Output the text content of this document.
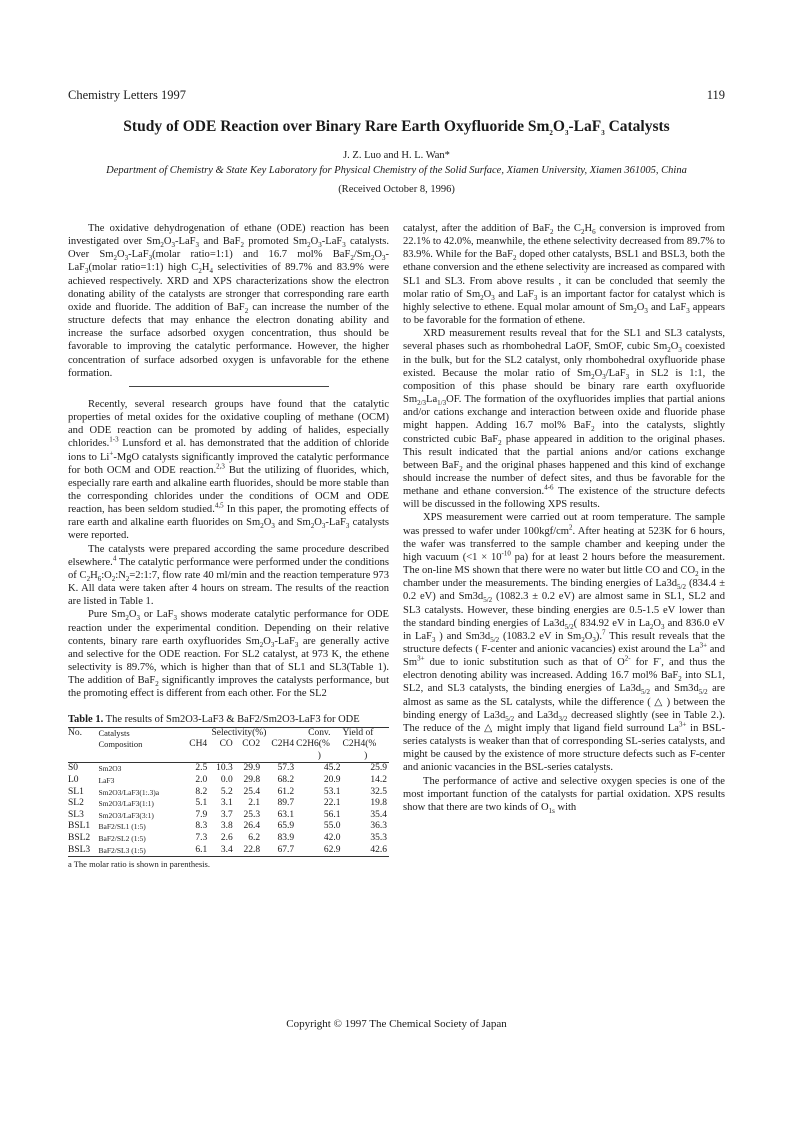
Chemistry Letters 1997	119
Study of ODE Reaction over Binary Rare Earth Oxyfluoride $Sm_2O_3-LaF_3$ Catalysts
J. Z. Luo and H. L. Wan*
Department of Chemistry & State Key Laboratory for Physical Chemistry of the Solid Surface, Xiamen University, Xiamen 361005, China
(Received October 8, 1996)

The oxidative dehydrogenation of ethane (ODE) reaction has been investigated over $Sm_2O_3-LaF_3$ and BaF$_2$ promoted $Sm_2O_3-LaF_3$ catalysts. Over $Sm_2O_3-LaF_3(molar$ ratio=1:1) and 16.7 mol% $BaF_2/Sm_2O_3-LaF_3(molar$ ratio=1:1) high $C_2H_4$ selectivities of 89.7% and 83.9% were achieved respectively. XRD and XPS characterizations show the electron donating ability of the catalysts are stronger that corresponding rare earth oxide and fluoride. The addition of BaF$_2$ can increase the number of the structure defects that may enhance the electron donating ability and increase the surface adsorbed oxygen concentration, thus should be favorable to improving the catalytic performance. However, the higher concentration of surface adsorbed oxygen is unfavorable for the ethene formation.

Recently, several research groups have found that the catalytic properties of metal oxides for the oxidative coupling of methane (OCM) and ODE reaction can be promoted by adding of halides, especially chlorides.$^{1-3}$ Lunsford et al. has demonstrated that the addition of chloride ions to Li+-MgO catalysts significantly improved the catalytic performance for both OCM and ODE reaction.$^{2,3}$ But the utilizing of fluorides, which, especially rare earth and alkaline earth fluorides, should be more stable than the corresponding chlorides under the conditions of OCM and ODE reaction, has been seldom studied.$^{4,5}$ In this paper, the promoting effects of rare earth and alkaline earth fluorides on $Sm_2O_3$ and $Sm_2O_3-LaF_3$ catalysts were reported.

The catalysts were prepared according the same procedure described elsewhere.$^4$ The catalytic performance were performed under the conditions of $C_2H_6:O_2:N_2=2:1:7$, flow rate 40 ml/min and the reaction temperature 973 K. All data were taken after 4 hours on stream. The results of the reaction are listed in Table 1.

Pure $Sm_2O_3$ or LaF$_3$ shows moderate catalytic performance for ODE reaction under the experimental condition. Depending on their relative contents, binary rare earth oxyfluorides $Sm_2O_3-LaF_3$ are generally active and selective for the ODE reaction. For SL2 catalyst, at 973 K, the ethene selectivity is 89.7%, which is higher than that of SL1 and SL3(Table 1). The addition of BaF$_2$ significantly improves the catalysts performance, but the promoting effect is different from each other. For the SL2

Table 1. The results of Sm2O3-LaF3 & BaF2/Sm2O3-LaF3 for ODE
No.	Catalysts	Selectivity(%)				Conv.	Yield of
	Composition	CH4	CO	CO2	C2H4	C2H6(%	C2H4(%
						)	)
S0	Sm2O3	2.5	10.3	29.9	57.3	45.2	25.9
L0	LaF3	2.0	0.0	29.8	68.2	20.9	14.2
SL1	Sm2O3/LaF3(1:.3)a	8.2	5.2	25.4	61.2	53.1	32.5
SL2	Sm2O3/LaF3(1:1)	5.1	3.1	2.1	89.7	22.1	19.8
SL3	Sm2O3/LaF3(3:1)	7.9	3.7	25.3	63.1	56.1	35.4
BSL1	BaF2/SL1 (1:5)	8.3	3.8	26.4	65.9	55.0	36.3
BSL2	BaF2/SL2 (1:5)	7.3	2.6	6.2	83.9	42.0	35.3
BSL3	BaF2/SL3 (1:5)	6.1	3.4	22.8	67.7	62.9	42.6
a The molar ratio is shown in parenthesis.

catalyst, after the addition of BaF$_2$ the $C_2H_6$ conversion is improved from 22.1% to 42.0%, meanwhile, the ethene selectivity decreased from 89.7% to 83.9%. While for the BaF$_2$ doped other catalysts, BSL1 and BSL3, both the ethane conversion and the ethene selectivity are increased as compared with SL1 and SL3. From above results , it can be concluded that seemly the molar ratio of $Sm_2O_3$ and LaF$_3$ is an important factor for catalyst which is highly selective to ethene. Equal molar amount of $Sm_2O_3$ and LaF$_3$ appears to be favorable for the formation of ethene.

XRD measurement results reveal that for the SL1 and SL3 catalysts, several phases such as rhombohedral LaOF, SmOF, cubic $Sm_2O_3$ coexisted in the bulk, but for the SL2 catalyst, only rhombohedral oxyfluoride phase existed. Because the molar ratio of $Sm_2O_3/LaF_3$ in SL2 is 1:1, the composition of this phase should be binary rare earth oxyfluoride $Sm_{2/3}La_{1/3}OF$. The formation of the oxyfluorides implies that partial anions and/or cations exchange and interaction between oxide and fluoride phase might happen. Adding 16.7 mol% BaF$_2$ into the catalysts, slightly constricted cubic BaF$_2$ phase appeared in addition to the original phases. This result indicated that the partial anions and/or cations exchange between BaF$_2$ and the original phases happened and this kind of exchange should increase the number of defect sites, and thus be favorable for the methane and ethane conversion.$^{4-6}$ The existence of the structure defects will be discussed in the following XPS results.

XPS measurement were carried out at room temperature. The sample was pressed to wafer under $100kgf/cm^2$. After heating at 523K for 6 hours, the wafer was transferred to the sample chamber and keeping under the high vacuum ($<1 \times 10^{-10}$ pa) for at least 2 hours before the measurement. The on-line MS shown that there were no water but little CO and $CO_2$ in the chamber under the measurements. The binding energies of $La3d_{5/2}$ (834.4 ± 0.2 eV) and $Sm3d_{5/2}$ (1082.3 ± 0.2 eV) are almost same in SL1, SL2 and SL3 catalysts. However, these binding energies are 0.5-1.5 eV lower than the standard binding energies of $La3d_{5/2}$( 834.92 eV in $La_2O_3$ and 836.0 eV in LaF$_3$ ) and $Sm3d_{5/2}$ (1083.2 eV in $Sm_2O_3).^7$ This result reveals that the structure defects ( F-center and anionic vacancies) exist around the $La^{3+}$ and $Sm^{3+}$ due to ionic substitution such as that of $O^{2-}$ for F-, and thus the electron denoting ability was increased. Adding 16.7 mol% BaF$_2$ into SL1, SL2, and SL3 catalysts, the binding energies of $La3d_{5/2}$ and $Sm3d_{5/2}$ are almost as same as the SL catalysts, while the difference ( △ ) between the binding energy of $La3d_{5/2}$ and $La3d_{3/2}$ decreased slightly (see in Table 2.). The reduce of the △ might imply that ligand field surround $La^{3+}$ in BSL-series catalysts is weaker than that of corresponding SL-series catalysts, and might be caused by the existence of more structure defects such as F-center and anionic vacancies in the BSL-series catalysts.

The performance of active and selective oxygen species is one of the most important function of the catalysts for partial oxidation. XPS results show that there are two kinds of $O_{1s}$ with

Copyright © 1997 The Chemical Society of Japan
